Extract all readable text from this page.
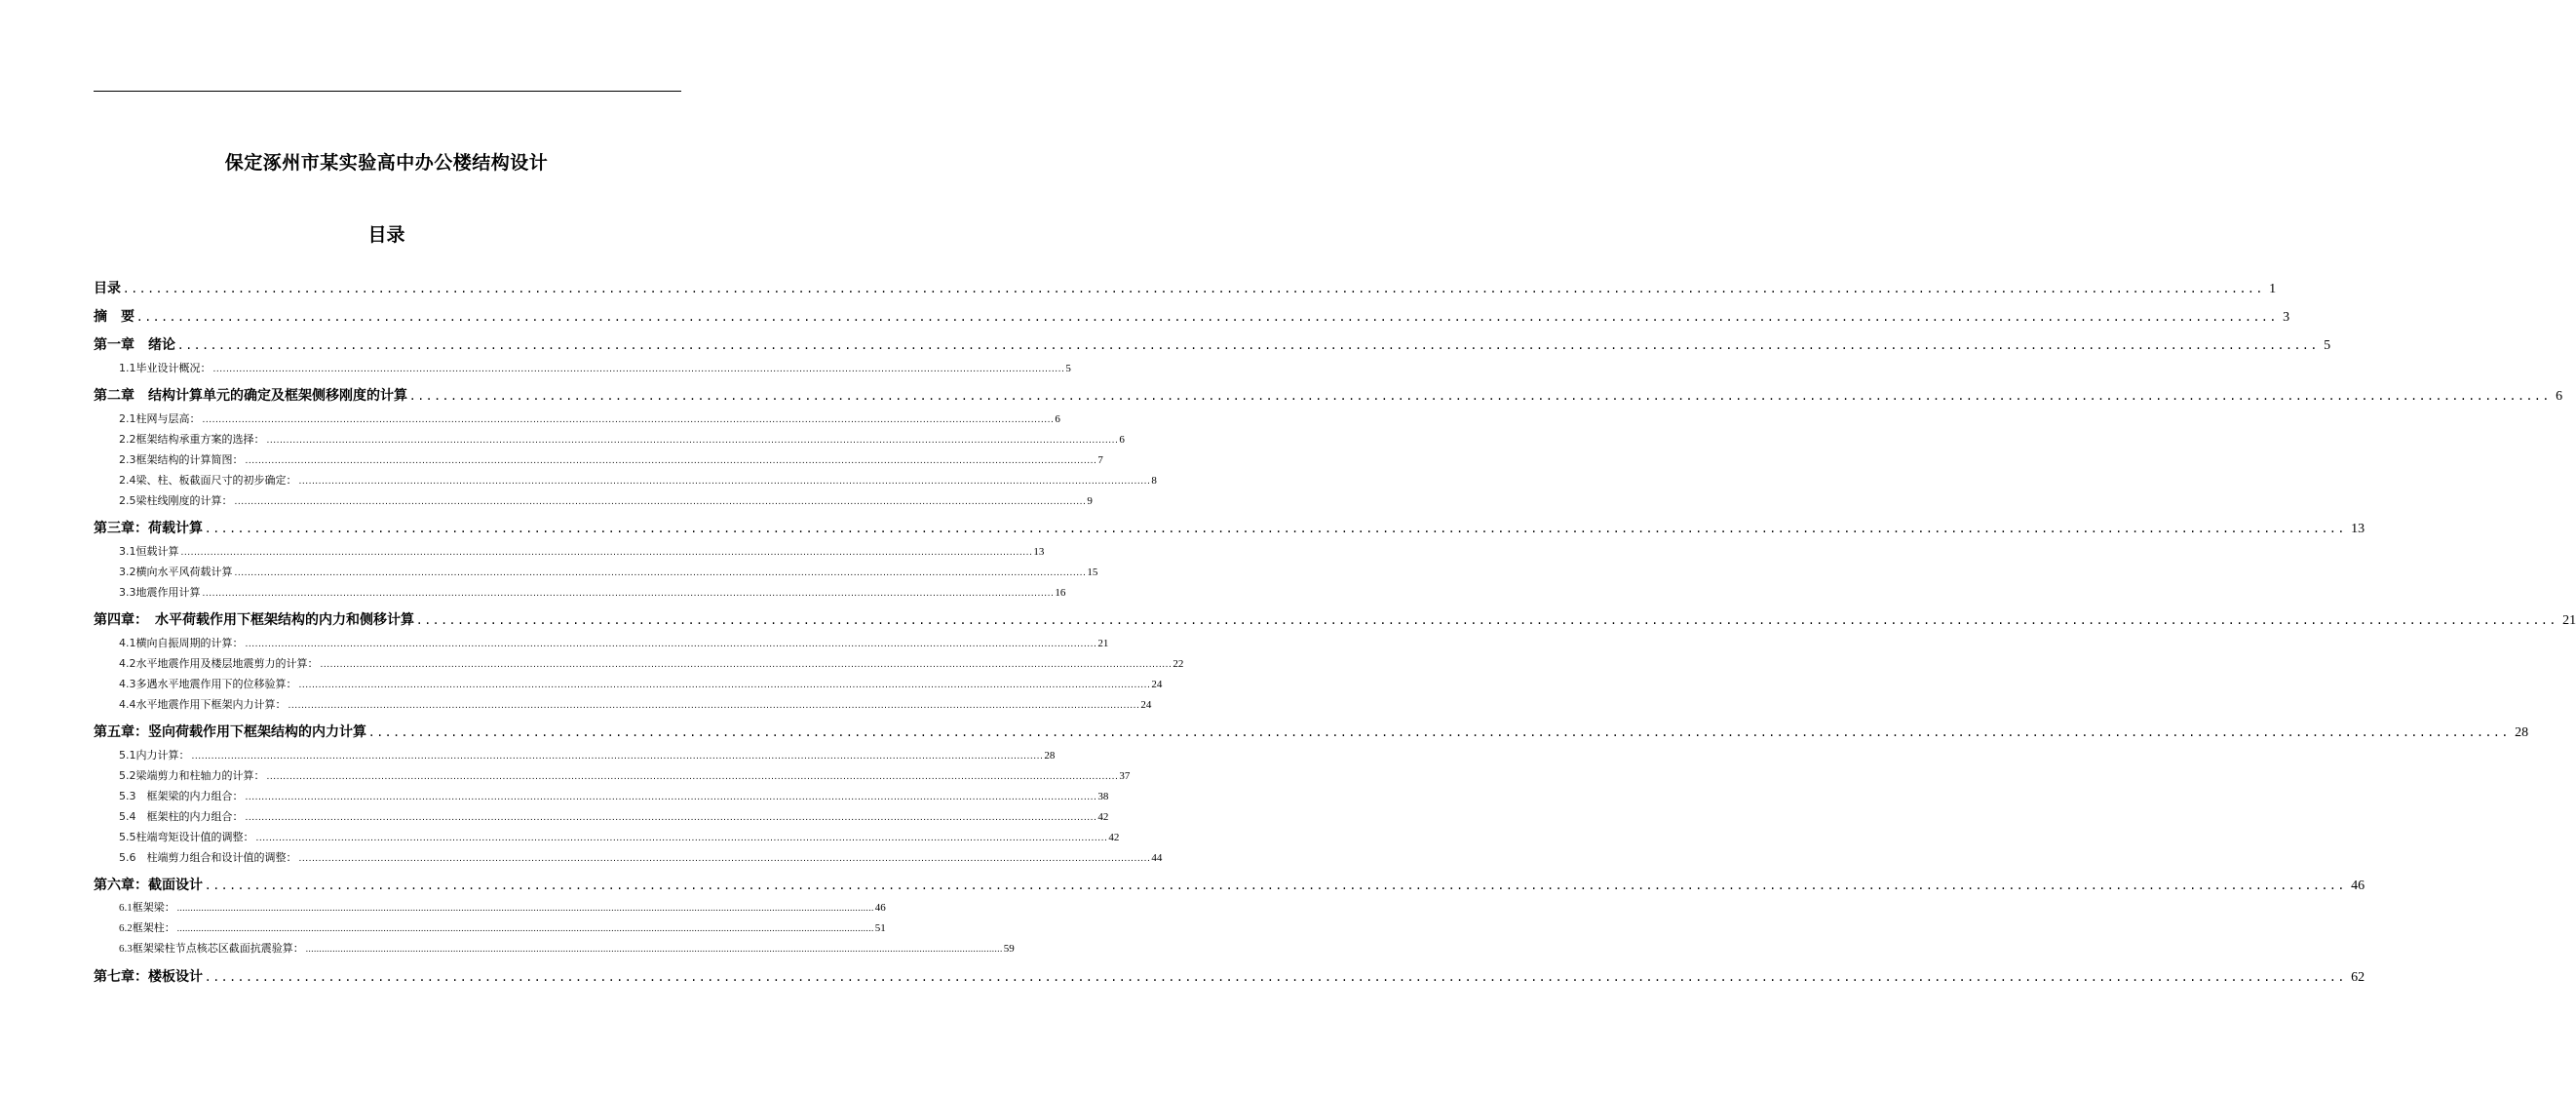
保定涿州市某实验高中办公楼结构设计
目录
目录 .................................................................................................................................................................................................................................................................... 1
摘　要 .................................................................................................................................................................................................................................................................... 3
第一章　绪论 .................................................................................................................................................................................................................................................................... 5
1.1 毕业设计概况： .................................................................................................................................................................................................................................................................... 5
第二章　结构计算单元的确定及框架侧移刚度的计算 .................................................................................................................................................................................................................................................................... 6
2.1 柱网与层高： .................................................................................................................................................................................................................................................................... 6
2.2 框架结构承重方案的选择： .................................................................................................................................................................................................................................................................... 6
2.3 框架结构的计算简图： .................................................................................................................................................................................................................................................................... 7
2.4 梁、柱、板截面尺寸的初步确定： .................................................................................................................................................................................................................................................................... 8
2.5 梁柱线刚度的计算： .................................................................................................................................................................................................................................................................... 9
第三章：荷载计算 .................................................................................................................................................................................................................................................................... 13
3.1 恒载计算 .................................................................................................................................................................................................................................................................... 13
3.2 横向水平风荷载计算 .................................................................................................................................................................................................................................................................... 15
3.3 地震作用计算 .................................................................................................................................................................................................................................................................... 16
第四章：　水平荷载作用下框架结构的内力和侧移计算 .................................................................................................................................................................................................................................................................... 21
4.1 横向自振周期的计算： .................................................................................................................................................................................................................................................................... 21
4.2 水平地震作用及楼层地震剪力的计算： .................................................................................................................................................................................................................................................................... 22
4.3 多遇水平地震作用下的位移验算： .................................................................................................................................................................................................................................................................... 24
4.4 水平地震作用下框架内力计算： .................................................................................................................................................................................................................................................................... 24
第五章：竖向荷载作用下框架结构的内力计算 .................................................................................................................................................................................................................................................................... 28
5.1 内力计算： .................................................................................................................................................................................................................................................................... 28
5.2 梁端剪力和柱轴力的计算： .................................................................................................................................................................................................................................................................... 37
5.3 　框架梁的内力组合： .................................................................................................................................................................................................................................................................... 38
5.4 　框架柱的内力组合： .................................................................................................................................................................................................................................................................... 42
5.5 柱端弯矩设计值的调整： .................................................................................................................................................................................................................................................................... 42
5.6 　柱端剪力组合和设计值的调整： .................................................................................................................................................................................................................................................................... 44
第六章：截面设计 .................................................................................................................................................................................................................................................................... 46
6.1 框架梁： .................................................................................................................................................................................................................................................................... 46
6.2 框架柱： .................................................................................................................................................................................................................................................................... 51
6.3 框架梁柱节点核芯区截面抗震验算： .................................................................................................................................................................................................................................................................... 59
第七章：楼板设计 .................................................................................................................................................................................................................................................................... 62
